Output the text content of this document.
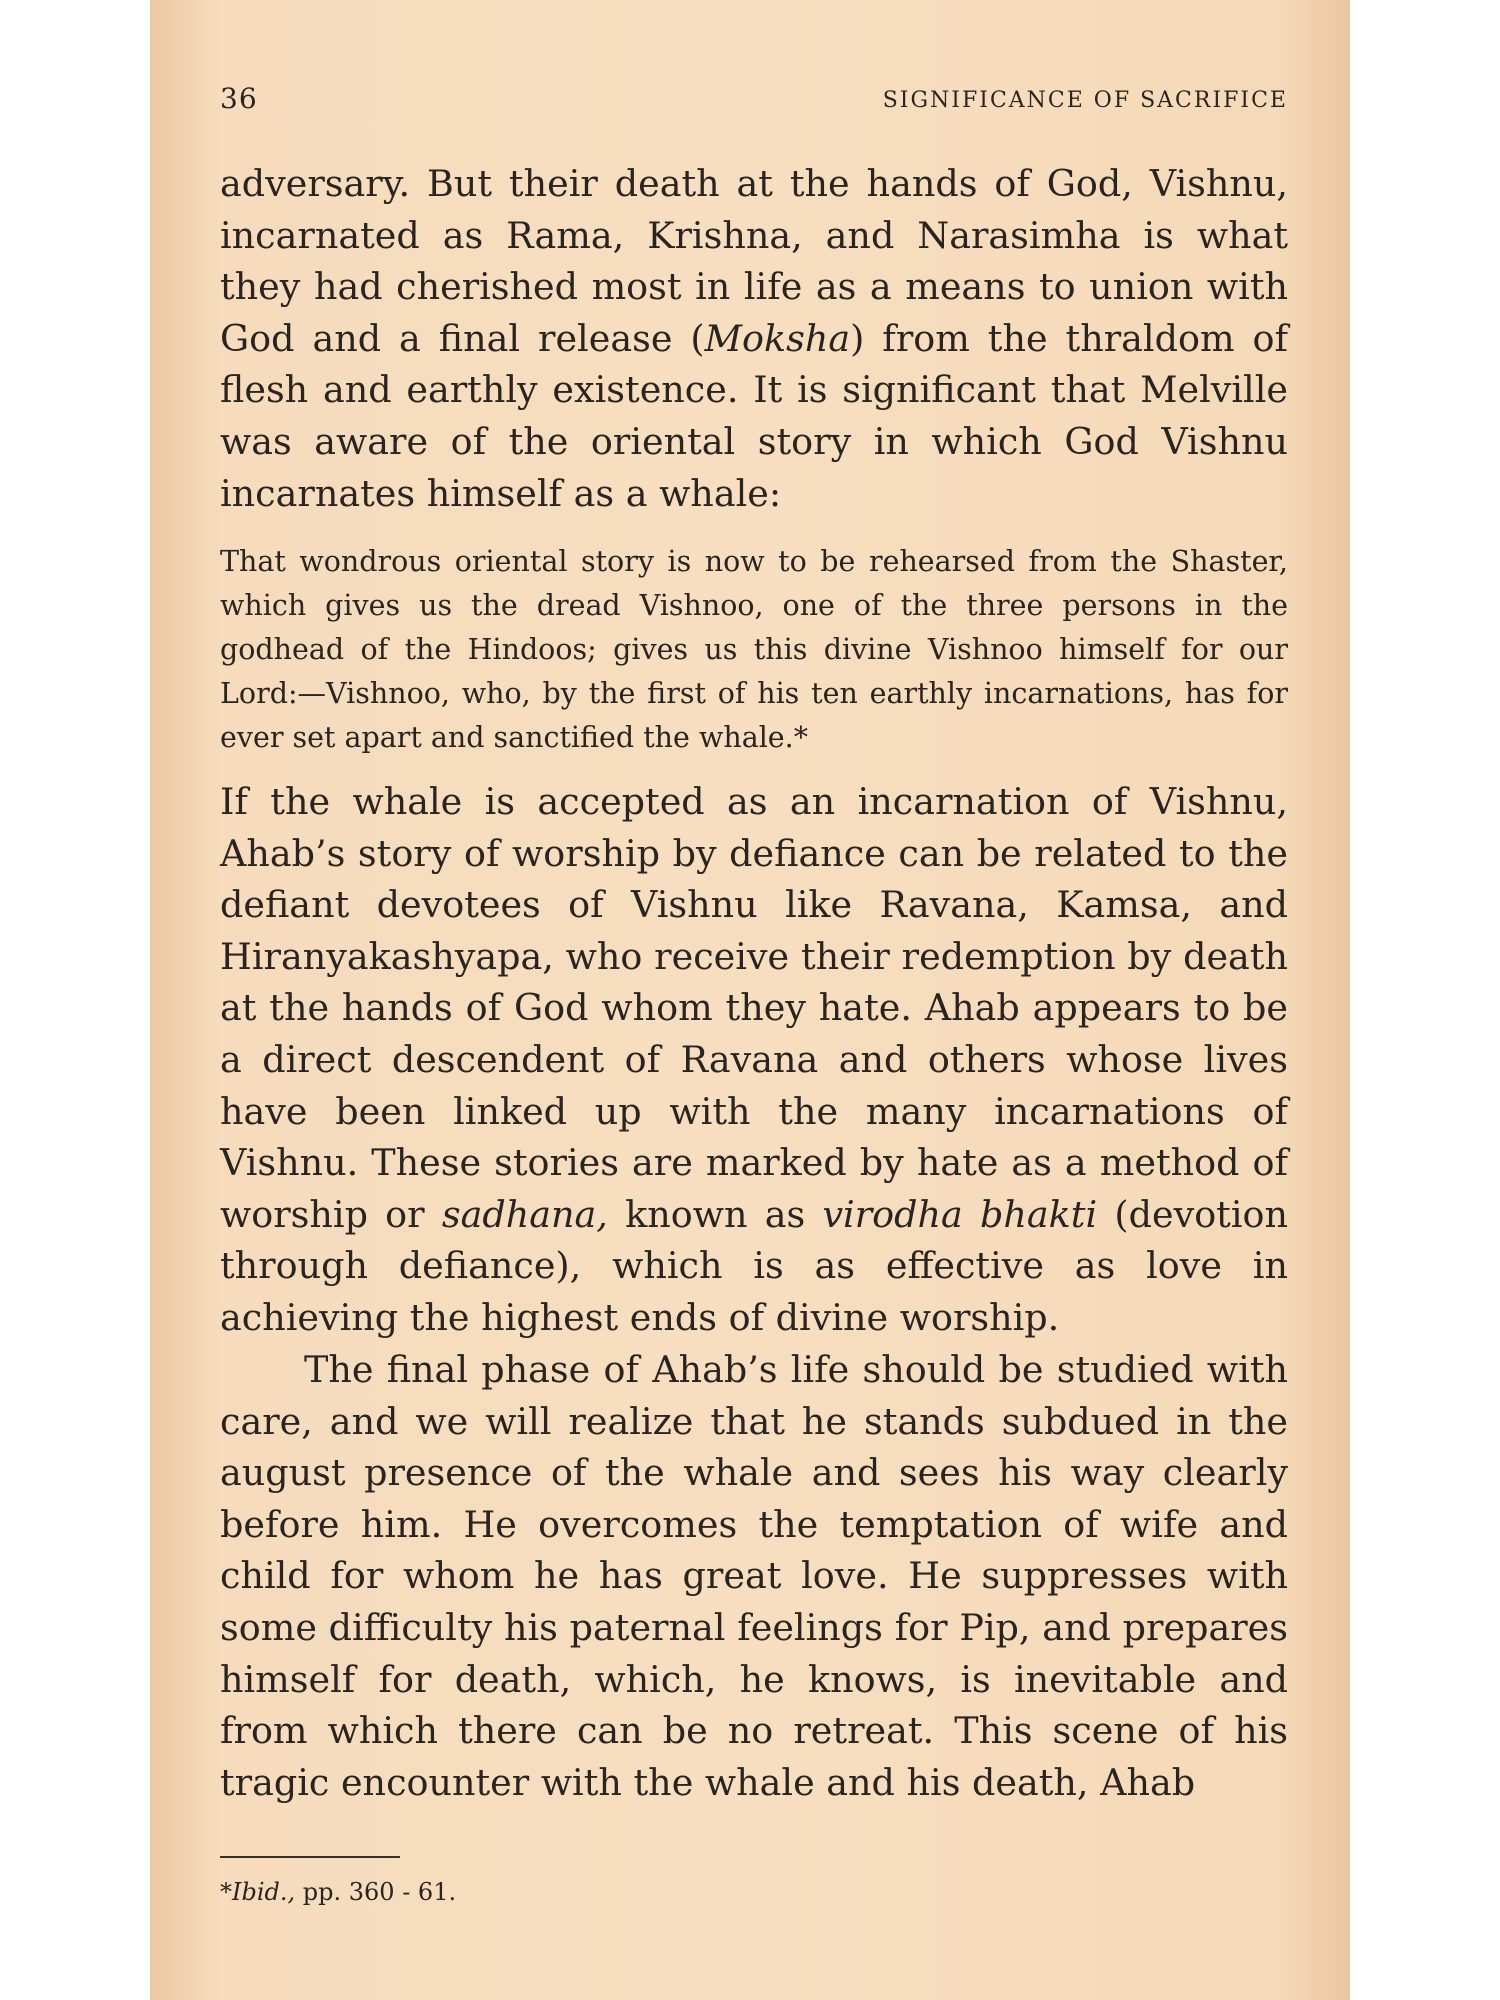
36	SIGNIFICANCE OF SACRIFICE

adversary. But their death at the hands of God, Vishnu, incarnated as Rama, Krishna, and Narasimha is what they had cherished most in life as a means to union with God and a final release (Moksha) from the thraldom of flesh and earthly existence. It is significant that Melville was aware of the oriental story in which God Vishnu incarnates himself as a whale:

That wondrous oriental story is now to be rehearsed from the Shaster, which gives us the dread Vishnoo, one of the three persons in the godhead of the Hindoos; gives us this divine Vishnoo himself for our Lord:—Vishnoo, who, by the first of his ten earthly incarnations, has for ever set apart and sanctified the whale.*

If the whale is accepted as an incarnation of Vishnu, Ahab’s story of worship by defiance can be related to the defiant devotees of Vishnu like Ravana, Kamsa, and Hiranyakashyapa, who receive their redemption by death at the hands of God whom they hate. Ahab appears to be a direct descendent of Ravana and others whose lives have been linked up with the many incarnations of Vishnu. These stories are marked by hate as a method of worship or sadhana, known as virodha bhakti (devotion through defiance), which is as effective as love in achieving the highest ends of divine worship.

The final phase of Ahab’s life should be studied with care, and we will realize that he stands subdued in the august presence of the whale and sees his way clearly before him. He overcomes the temptation of wife and child for whom he has great love. He suppresses with some difficulty his paternal feelings for Pip, and prepares himself for death, which, he knows, is inevitable and from which there can be no retreat. This scene of his tragic encounter with the whale and his death, Ahab

*Ibid., pp. 360 - 61.
